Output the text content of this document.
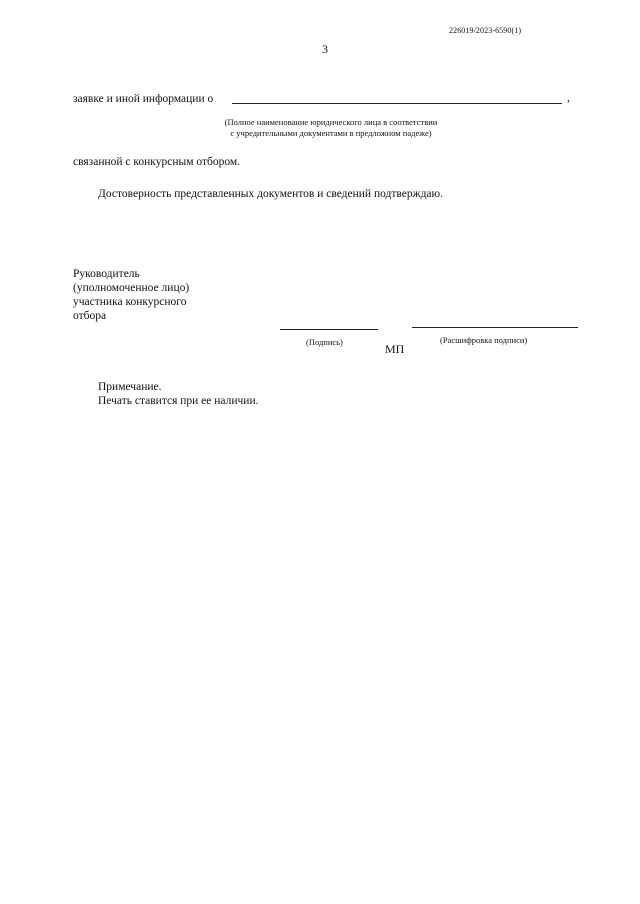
226019/2023-6590(1)
3
заявке и иной информации о	,
(Полное наименование юридического лица в соответствии
с учредительными документами в предложном падеже)
связанной с конкурсным отбором.
Достоверность представленных документов и сведений подтверждаю.
Руководитель
(уполномоченное лицо)
участника конкурсного
отбора
(Подпись)	МП
(Расшифровка подписи)
Примечание.
Печать ставится при ее наличии.
